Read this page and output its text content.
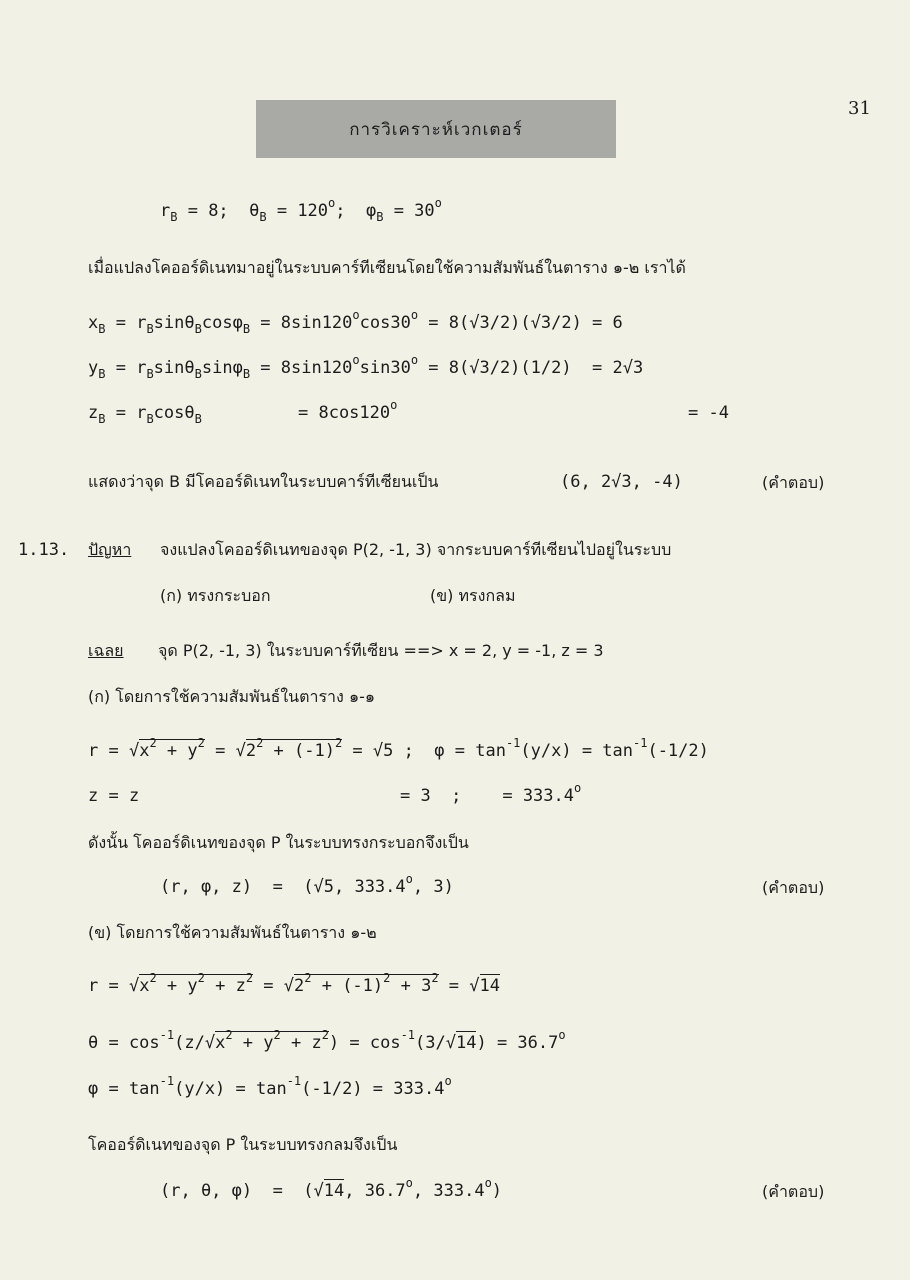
การวิเคราะห์เวกเตอร์
31
$r_B = 8$;  $\theta_B = 120^o$;  $\varphi_B = 30^o$
เมื่อแปลงโคออร์ดิเนทมาอยู่ในระบบคาร์ทีเซียนโดยใช้ความสัมพันธ์ในตาราง ๑-๒ เราได้
$x_B = r_B\sin\theta_B\cos\varphi_B = 8\sin 120^o\cos 30^o = 8(√3/2)(√3/2) = 6$
$y_B = r_B\sin\theta_B\sin\varphi_B = 8\sin 120^o\sin 30^o = 8(√3/2)(1/2) = 2√3$
$z_B = r_B\cos\theta_B$	= $8\cos 120^o$	= -4
แสดงว่าจุด B มีโคออร์ดิเนทในระบบคาร์ทีเซียนเป็น	(6, 2√3, -4)	(คำตอบ)
1.13. ปัญหา จงแปลงโคออร์ดิเนทของจุด P(2, -1, 3) จากระบบคาร์ทีเซียนไปอยู่ในระบบ
(ก) ทรงกระบอก	(ข) ทรงกลม
เฉลย จุด P(2, -1, 3) ในระบบคาร์ทีเซียน ==> x = 2, y = -1, z = 3
(ก) โดยการใช้ความสัมพันธ์ในตาราง ๑-๑
$r = √x^2 + y^2 = √2^2 + (-1)^2 = √5$ ;  $\varphi = \tan^{-1}(y/x) = \tan^{-1}(-1/2)$
z = z	= 3  ;    = $333.4^o$
ดังนั้น โคออร์ดิเนทของจุด P ในระบบทรงกระบอกจึงเป็น
(r, φ, z)  =  (√5, 333.4$^o$, 3)	(คำตอบ)
(ข) โดยการใช้ความสัมพันธ์ในตาราง ๑-๒
$r = √x^2 + y^2 + z^2 = √2^2 + (-1)^2 + 3^2 = √14$
$\theta = \cos^{-1}(z/√x^2 + y^2 + z^2) = \cos^{-1}(3/√14) = 36.7^o$
$\varphi = \tan^{-1}(y/x) = \tan^{-1}(-1/2) = 333.4^o$
โคออร์ดิเนทของจุด P ในระบบทรงกลมจึงเป็น
(r, θ, φ)  =  (√14, 36.7$^o$, 333.4$^o$)	(คำตอบ)
